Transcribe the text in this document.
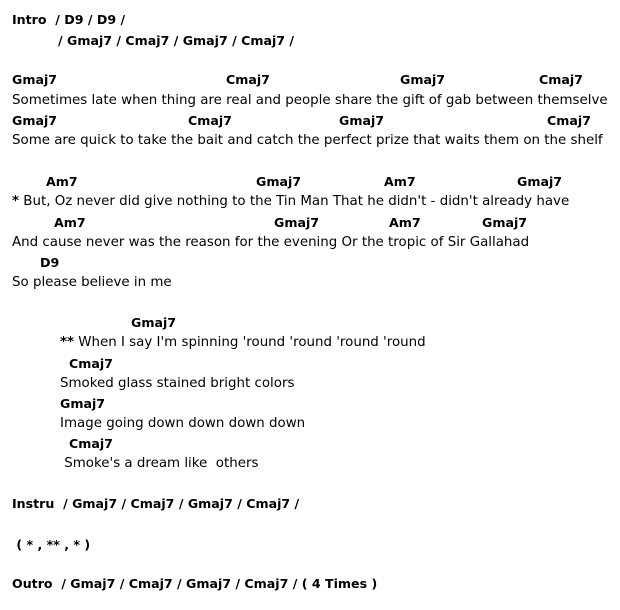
Intro  / D9 / D9 /
/ Gmaj7 / Cmaj7 / Gmaj7 / Cmaj7 /
Gmaj7	Cmaj7	Gmaj7	Cmaj7
Sometimes late when thing are real and people share the gift of gab between themselve
Gmaj7	Cmaj7	Gmaj7	Cmaj7
Some are quick to take the bait and catch the perfect prize that waits them on the shelf
Am7	Gmaj7	Am7	Gmaj7
* But, Oz never did give nothing to the Tin Man That he didn't - didn't already have
Am7	Gmaj7	Am7	Gmaj7
And cause never was the reason for the evening Or the tropic of Sir Gallahad
D9
So please believe in me
Gmaj7
** When I say I'm spinning 'round 'round 'round 'round
Cmaj7
Smoked glass stained bright colors
Gmaj7
Image going down down down down
Cmaj7
Smoke's a dream like  others
Instru  / Gmaj7 / Cmaj7 / Gmaj7 / Cmaj7 /
( * , ** , * )
Outro  / Gmaj7 / Cmaj7 / Gmaj7 / Cmaj7 / ( 4 Times )
